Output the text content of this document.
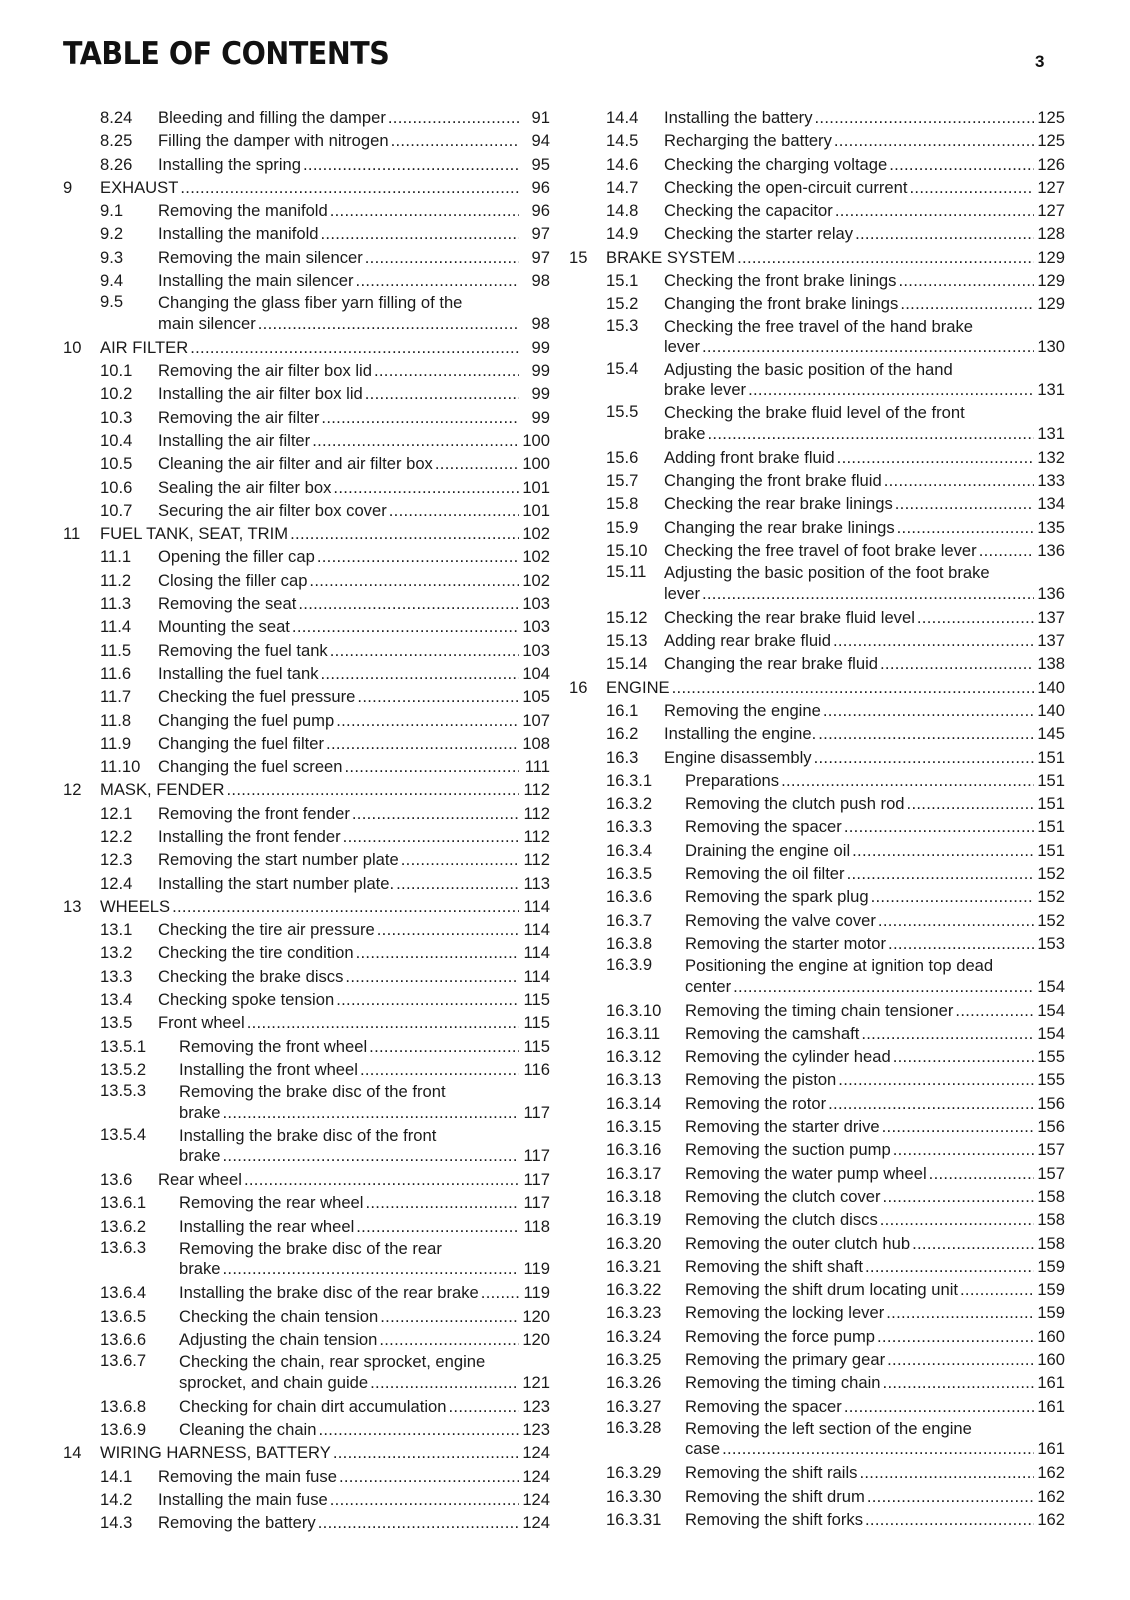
TABLE OF CONTENTS	3
8.24 Bleeding and filling the damper . . .	91
8.25 Filling the damper with nitrogen . . .	94
8.26 Installing the spring . . .	95
9 EXHAUST . . .	96
9.1 Removing the manifold . . .	96
9.2 Installing the manifold . . .	97
9.3 Removing the main silencer . . .	97
9.4 Installing the main silencer . . .	98
9.5 Changing the glass fiber yarn filling of the
main silencer . . .	98
10 AIR FILTER . . .	99
10.1 Removing the air filter box lid . . .	99
10.2 Installing the air filter box lid . . .	99
10.3 Removing the air filter . . .	99
10.4 Installing the air filter . . .	100
10.5 Cleaning the air filter and air filter box . . .	100
10.6 Sealing the air filter box . . .	101
10.7 Securing the air filter box cover . . .	101
11 FUEL TANK, SEAT, TRIM . . .	102
11.1 Opening the filler cap . . .	102
11.2 Closing the filler cap . . .	102
11.3 Removing the seat . . .	103
11.4 Mounting the seat . . .	103
11.5 Removing the fuel tank . . .	103
11.6 Installing the fuel tank . . .	104
11.7 Checking the fuel pressure . . .	105
11.8 Changing the fuel pump . . .	107
11.9 Changing the fuel filter . . .	108
11.10 Changing the fuel screen . . .	111
12 MASK, FENDER . . .	112
12.1 Removing the front fender . . .	112
12.2 Installing the front fender . . .	112
12.3 Removing the start number plate . . .	112
12.4 Installing the start number plate. . . .	113
13 WHEELS . . .	114
13.1 Checking the tire air pressure . . .	114
13.2 Checking the tire condition . . .	114
13.3 Checking the brake discs . . .	114
13.4 Checking spoke tension . . .	115
13.5 Front wheel . . .	115
13.5.1 Removing the front wheel . . .	115
13.5.2 Installing the front wheel . . .	116
13.5.3 Removing the brake disc of the front
brake . . .	117
13.5.4 Installing the brake disc of the front
brake . . .	117
13.6 Rear wheel . . .	117
13.6.1 Removing the rear wheel . . .	117
13.6.2 Installing the rear wheel . . .	118
13.6.3 Removing the brake disc of the rear
brake . . .	119
13.6.4 Installing the brake disc of the rear brake . . .	119
13.6.5 Checking the chain tension . . .	120
13.6.6 Adjusting the chain tension . . .	120
13.6.7 Checking the chain, rear sprocket, engine
sprocket, and chain guide . . .	121
13.6.8 Checking for chain dirt accumulation . . .	123
13.6.9 Cleaning the chain . . .	123
14 WIRING HARNESS, BATTERY . . .	124
14.1 Removing the main fuse . . .	124
14.2 Installing the main fuse . . .	124
14.3 Removing the battery . . .	124
14.4 Installing the battery . . .	125
14.5 Recharging the battery . . .	125
14.6 Checking the charging voltage . . .	126
14.7 Checking the open-circuit current . . .	127
14.8 Checking the capacitor . . .	127
14.9 Checking the starter relay . . .	128
15 BRAKE SYSTEM . . .	129
15.1 Checking the front brake linings . . .	129
15.2 Changing the front brake linings . . .	129
15.3 Checking the free travel of the hand brake
lever . . .	130
15.4 Adjusting the basic position of the hand
brake lever . . .	131
15.5 Checking the brake fluid level of the front
brake . . .	131
15.6 Adding front brake fluid . . .	132
15.7 Changing the front brake fluid . . .	133
15.8 Checking the rear brake linings . . .	134
15.9 Changing the rear brake linings . . .	135
15.10 Checking the free travel of foot brake lever . . .	136
15.11 Adjusting the basic position of the foot brake
lever . . .	136
15.12 Checking the rear brake fluid level . . .	137
15.13 Adding rear brake fluid . . .	137
15.14 Changing the rear brake fluid . . .	138
16 ENGINE . . .	140
16.1 Removing the engine . . .	140
16.2 Installing the engine. . . .	145
16.3 Engine disassembly . . .	151
16.3.1 Preparations . . .	151
16.3.2 Removing the clutch push rod . . .	151
16.3.3 Removing the spacer . . .	151
16.3.4 Draining the engine oil . . .	151
16.3.5 Removing the oil filter . . .	152
16.3.6 Removing the spark plug . . .	152
16.3.7 Removing the valve cover . . .	152
16.3.8 Removing the starter motor . . .	153
16.3.9 Positioning the engine at ignition top dead
center . . .	154
16.3.10 Removing the timing chain tensioner . . .	154
16.3.11 Removing the camshaft . . .	154
16.3.12 Removing the cylinder head . . .	155
16.3.13 Removing the piston . . .	155
16.3.14 Removing the rotor . . .	156
16.3.15 Removing the starter drive . . .	156
16.3.16 Removing the suction pump . . .	157
16.3.17 Removing the water pump wheel . . .	157
16.3.18 Removing the clutch cover . . .	158
16.3.19 Removing the clutch discs . . .	158
16.3.20 Removing the outer clutch hub . . .	158
16.3.21 Removing the shift shaft . . .	159
16.3.22 Removing the shift drum locating unit . . .	159
16.3.23 Removing the locking lever . . .	159
16.3.24 Removing the force pump . . .	160
16.3.25 Removing the primary gear . . .	160
16.3.26 Removing the timing chain . . .	161
16.3.27 Removing the spacer . . .	161
16.3.28 Removing the left section of the engine
case . . .	161
16.3.29 Removing the shift rails . . .	162
16.3.30 Removing the shift drum . . .	162
16.3.31 Removing the shift forks . . .	162
